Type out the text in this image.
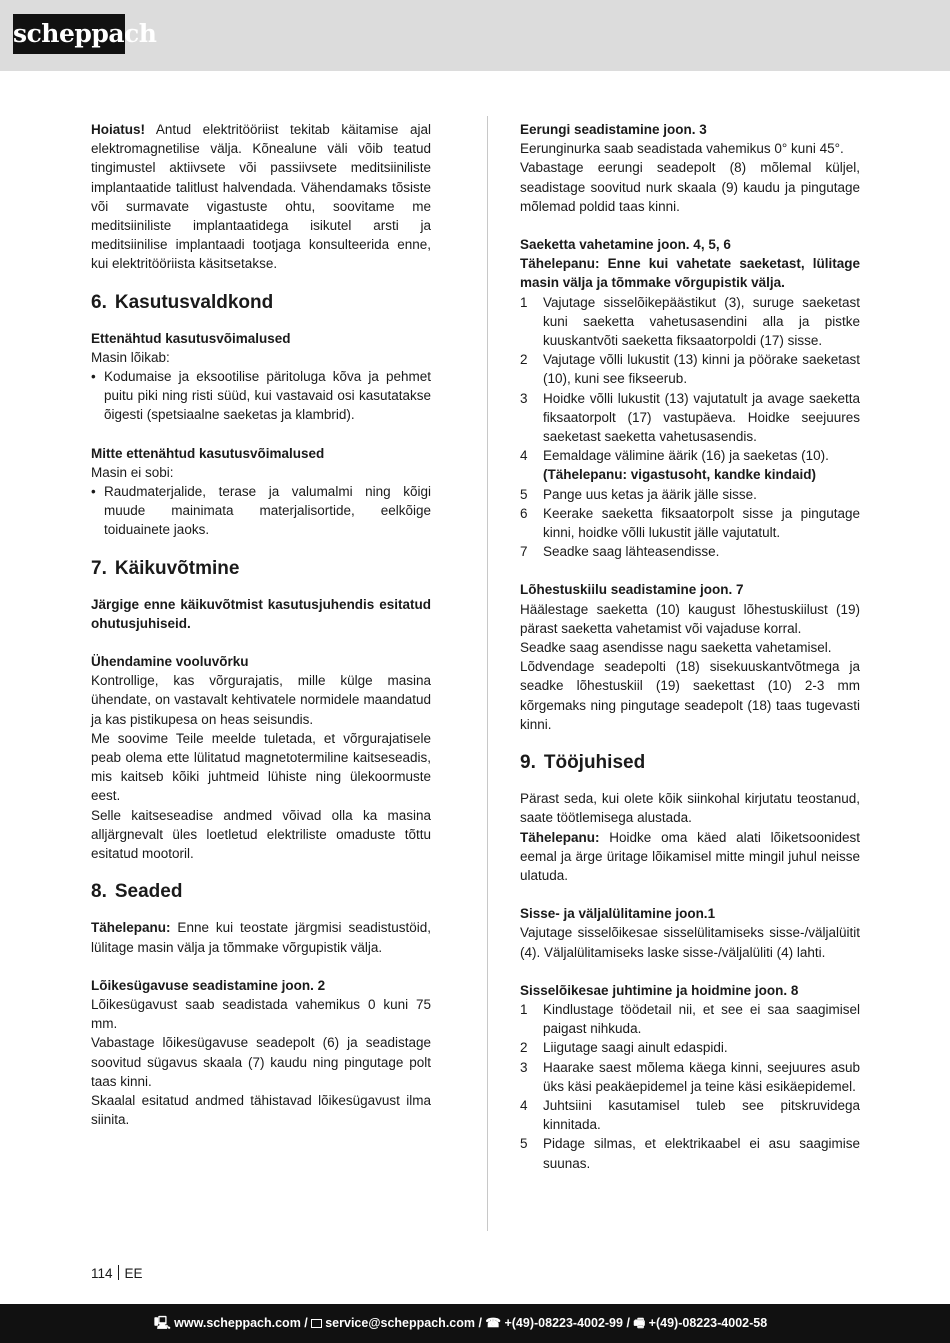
scheppach

Hoiatus! Antud elektritööriist tekitab käitamise ajal elektromagnetilise välja. Kõnealune väli võib teatud tingimustel aktiivsete või passiivsete meditsiiniliste implantaatide talitlust halvendada. Vähendamaks tõsiste või surmavate vigastuste ohtu, soovitame me meditsiiniliste implantaatidega isikutel arsti ja meditsiinilise implantaadi tootjaga konsulteerida enne, kui elektritööriista käsitsetakse.

6. Kasutusvaldkond

Ettenähtud kasutusvõimalused

Masin lõikab:

• Kodumaise ja eksootilise päritoluga kõva ja pehmet puitu piki ning risti süüd, kui vastavaid osi kasutatakse õigesti (spetsiaalne saeketas ja klambrid).

Mitte ettenähtud kasutusvõimalused

Masin ei sobi:

• Raudmaterjalide, terase ja valumalmi ning kõigi muude mainimata materjalisortide, eelkõige toiduainete jaoks.
7. Käikuvõtmine

Järgige enne käikuvõtmist kasutusjuhendis esitatud ohutusjuhiseid.

Ühendamine vooluvõrku

Kontrollige, kas võrgurajatis, mille külge masina ühendate, on vastavalt kehtivatele normidele maandatud ja kas pistikupesa on heas seisundis.

Me soovime Teile meelde tuletada, et võrgurajatisele peab olema ette lülitatud magnetotermiline kaitseseadis, mis kaitseb kõiki juhtmeid lühiste ning ülekoormuste eest.

Selle kaitseseadise andmed võivad olla ka masina alljärgnevalt üles loetletud elektriliste omaduste tõttu esitatud mootoril.

8. Seaded

Tähelepanu: Enne kui teostate järgmisi seadistustöid, lülitage masin välja ja tõmmake võrgupistik välja.

Lõikesügavuse seadistamine joon. 2

Lõikesügavust saab seadistada vahemikus 0 kuni 75 mm.

Vabastage lõikesügavuse seadepolt (6) ja seadistage soovitud sügavus skaala (7) kaudu ning pingutage polt taas kinni.

Skaalal esitatud andmed tähistavad lõikesügavust ilma siinita.

Eerungi seadistamine joon. 3

Eerunginurka saab seadistada vahemikus 0° kuni 45°.

Vabastage eerungi seadepolt (8) mõlemal küljel, seadistage soovitud nurk skaala (9) kaudu ja pingutage mõlemad poldid taas kinni.

Saeketta vahetamine joon. 4, 5, 6

Tähelepanu: Enne kui vahetate saeketast, lülitage masin välja ja tõmmake võrgupistik välja.

1 Vajutage sisselõikepäästikut (3), suruge saeketast kuni saeketta vahetusasendini alla ja pistke kuuskantvõti saeketta fiksaatorpoldi (17) sisse.
2 Vajutage võlli lukustit (13) kinni ja pöörake saeketast (10), kuni see fikseerub.
3 Hoidke võlli lukustit (13) vajutatult ja avage saeketta fiksaatorpolt (17) vastupäeva. Hoidke seejuures saeketast saeketta vahetusasendis.
4 Eemaldage välimine äärik (16) ja saeketas (10).
(Tähelepanu: vigastusoht, kandke kindaid)
5 Pange uus ketas ja äärik jälle sisse.
6 Keerake saeketta fiksaatorpolt sisse ja pingutage kinni, hoidke võlli lukustit jälle vajutatult.
7 Seadke saag lähteasendisse.

Lõhestuskiilu seadistamine joon. 7

Häälestage saeketta (10) kaugust lõhestuskiilust (19) pärast saeketta vahetamist või vajaduse korral.

Seadke saag asendisse nagu saeketta vahetamisel.

Lõdvendage seadepolti (18) sisekuuskantvõtmega ja seadke lõhestuskiil (19) saekettast (10) 2-3 mm kõrgemaks ning pingutage seadepolt (18) taas tugevasti kinni.

9. Tööjuhised

Pärast seda, kui olete kõik siinkohal kirjutatu teostanud, saate töötlemisega alustada.

Tähelepanu: Hoidke oma käed alati lõiketsoonidest eemal ja ärge üritage lõikamisel mitte mingil juhul neisse ulatuda.

Sisse- ja väljalülitamine joon.1

Vajutage sisselõikesae sisselülitamiseks sisse-/väljalüitit (4). Väljalülitamiseks laske sisse-/väljalüliti (4) lahti.

Sisselõikesae juhtimine ja hoidmine joon. 8

1 Kindlustage töödetail nii, et see ei saa saagimisel paigast nihkuda.
2 Liigutage saagi ainult edaspidi.
3 Haarake saest mõlema käega kinni, seejuures asub üks käsi peakäepidemel ja teine käsi esikäepidemel.
4 Juhtsiini kasutamisel tuleb see pitskruvidega kinnitada.
5 Pidage silmas, et elektrikaabel ei asu saagimise suunas.
114 EE
🖳 www.scheppach.com / service@scheppach.com / ☎ +(49)-08223-4002-99 / 🖷 +(49)-08223-4002-58
